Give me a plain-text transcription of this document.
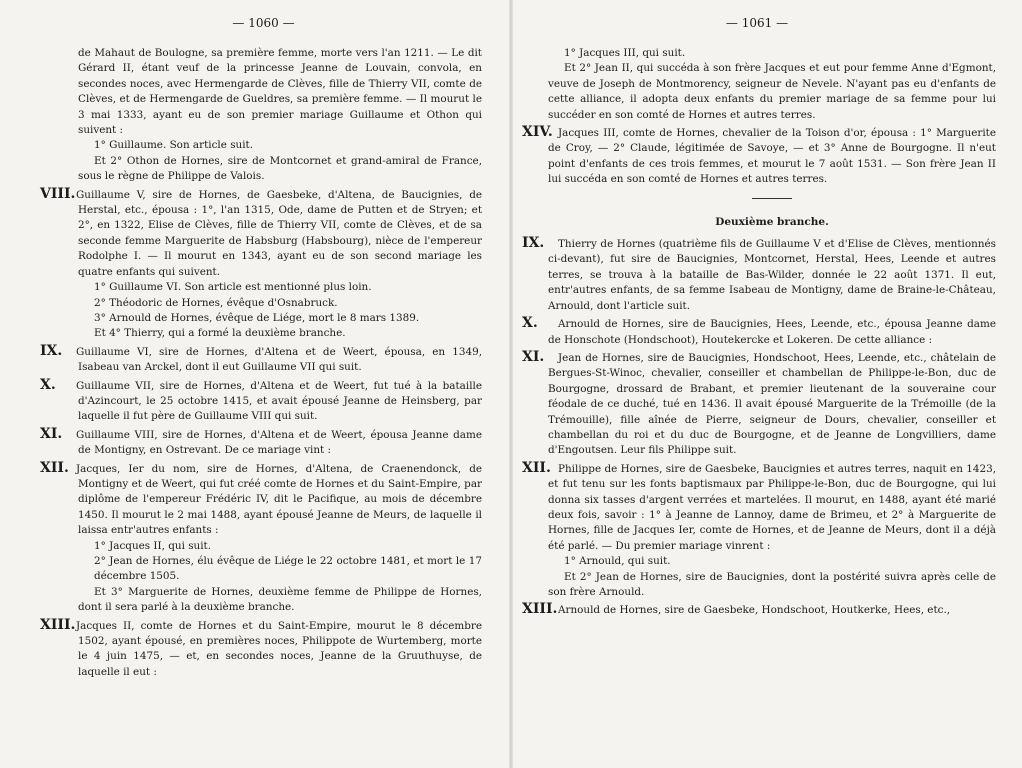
— 1060 —

de Mahaut de Boulogne, sa première femme, morte vers l'an 1211. — Le dit Gérard II, étant veuf de la princesse Jeanne de Louvain, convola, en secondes noces, avec Hermengarde de Clèves, fille de Thierry VII, comte de Clèves, et de Hermengarde de Gueldres, sa première femme. — Il mourut le 3 mai 1333, ayant eu de son premier mariage Guillaume et Othon qui suivent :

1° Guillaume. Son article suit.

Et 2° Othon de Hornes, sire de Montcornet et grand-amiral de France, sous le règne de Philippe de Valois.

VIII.Guillaume V, sire de Hornes, de Gaesbeke, d'Altena, de Baucignies, de Herstal, etc., épousa : 1°, l'an 1315, Ode, dame de Putten et de Stryen; et 2°, en 1322, Elise de Clèves, fille de Thierry VII, comte de Clèves, et de sa seconde femme Marguerite de Habsburg (Habsbourg), nièce de l'empereur Rodolphe I. — Il mourut en 1343, ayant eu de son second mariage les quatre enfants qui suivent.

1° Guillaume VI. Son article est mentionné plus loin.

2° Théodoric de Hornes, évêque d'Osnabruck.

3° Arnould de Hornes, évêque de Liége, mort le 8 mars 1389.

Et 4° Thierry, qui a formé la deuxième branche.

IX. Guillaume VI, sire de Hornes, d'Altena et de Weert, épousa, en 1349, Isabeau van Arckel, dont il eut Guillaume VII qui suit.

X. Guillaume VII, sire de Hornes, d'Altena et de Weert, fut tué à la bataille d'Azincourt, le 25 octobre 1415, et avait épousé Jeanne de Heinsberg, par laquelle il fut père de Guillaume VIII qui suit.

XI. Guillaume VIII, sire de Hornes, d'Altena et de Weert, épousa Jeanne dame de Montigny, en Ostrevant. De ce mariage vint :

XII. Jacques, Ier du nom, sire de Hornes, d'Altena, de Craenendonck, de Montigny et de Weert, qui fut créé comte de Hornes et du Saint-Empire, par diplôme de l'empereur Frédéric IV, dit le Pacifique, au mois de décembre 1450. Il mourut le 2 mai 1488, ayant épousé Jeanne de Meurs, de laquelle il laissa entr'autres enfants :

1° Jacques II, qui suit.

2° Jean de Hornes, élu évêque de Liége le 22 octobre 1481, et mort le 17 décembre 1505.

Et 3° Marguerite de Hornes, deuxième femme de Philippe de Hornes, dont il sera parlé à la deuxième branche.

XIII.Jacques II, comte de Hornes et du Saint-Empire, mourut le 8 décembre 1502, ayant épousé, en premières noces, Philippote de Wurtemberg, morte le 4 juin 1475, — et, en secondes noces, Jeanne de la Gruuthuyse, de laquelle il eut :

— 1061 —

1° Jacques III, qui suit.

Et 2° Jean II, qui succéda à son frère Jacques et eut pour femme Anne d'Egmont, veuve de Joseph de Montmorency, seigneur de Nevele. N'ayant pas eu d'enfants de cette alliance, il adopta deux enfants du premier mariage de sa femme pour lui succéder en son comté de Hornes et autres terres.

XIV. Jacques III, comte de Hornes, chevalier de la Toison d'or, épousa : 1° Marguerite de Croy, — 2° Claude, légitimée de Savoye, — et 3° Anne de Bourgogne. Il n'eut point d'enfants de ces trois femmes, et mourut le 7 août 1531. — Son frère Jean II lui succéda en son comté de Hornes et autres terres.

Deuxième branche.

IX. Thierry de Hornes (quatrième fils de Guillaume V et d'Elise de Clèves, mentionnés ci-devant), fut sire de Baucignies, Montcornet, Herstal, Hees, Leende et autres terres, se trouva à la bataille de Bas-Wilder, donnée le 22 août 1371. Il eut, entr'autres enfants, de sa femme Isabeau de Montigny, dame de Braine-le-Château, Arnould, dont l'article suit.

X. Arnould de Hornes, sire de Baucignies, Hees, Leende, etc., épousa Jeanne dame de Honschote (Hondschoot), Houtekercke et Lokeren. De cette alliance :

XI. Jean de Hornes, sire de Baucignies, Hondschoot, Hees, Leende, etc., châtelain de Bergues-St-Winoc, chevalier, conseiller et chambellan de Philippe-le-Bon, duc de Bourgogne, drossard de Brabant, et premier lieutenant de la souveraine cour féodale de ce duché, tué en 1436. Il avait épousé Marguerite de la Trémoille (de la Trémouille), fille aînée de Pierre, seigneur de Dours, chevalier, conseiller et chambellan du roi et du duc de Bourgogne, et de Jeanne de Longvilliers, dame d'Engoutsen. Leur fils Philippe suit.

XII. Philippe de Hornes, sire de Gaesbeke, Baucignies et autres terres, naquit en 1423, et fut tenu sur les fonts baptismaux par Philippe-le-Bon, duc de Bourgogne, qui lui donna six tasses d'argent verrées et martelées. Il mourut, en 1488, ayant été marié deux fois, savoir : 1° à Jeanne de Lannoy, dame de Brimeu, et 2° à Marguerite de Hornes, fille de Jacques Ier, comte de Hornes, et de Jeanne de Meurs, dont il a déjà été parlé. — Du premier mariage vinrent :

1° Arnould, qui suit.

Et 2° Jean de Hornes, sire de Baucignies, dont la postérité suivra après celle de son frère Arnould.

XIII.Arnould de Hornes, sire de Gaesbeke, Hondschoot, Houtkerke, Hees, etc.,
